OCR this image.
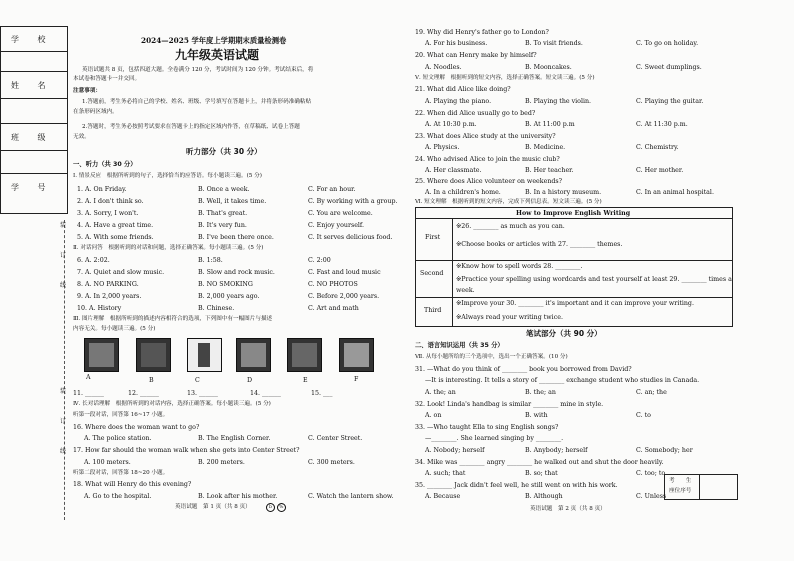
学 校
姓 名
班 级
学 号
装
订
线
装
订
线
2024—2025 学年度上学期期末质量检测卷
九年级英语试题
英语试题共 8 页，包括四道大题。全卷满分 120 分，考试时间为 120 分钟。考试结束后，将
本试卷和答题卡一并交回。
注意事项：
1.答题前，考生务必将自己的学校、姓名、班级、学号填写在答题卡上，并将条形码准确粘贴
在条形码区域内。
2.答题时，考生务必按照考试要求在答题卡上的指定区域内作答，在草稿纸、试卷上答题
无效。
听力部分（共 30 分）
一、听力（共 30 分）
Ⅰ. 情景反应　根据所听到的句子，选择恰当的应答语。每小题读三遍。(5 分)
1. A. On Friday.	B. Once a week.	C. For an hour.
2. A. I don't think so.	B. Well, it takes time.	C. By working with a group.
3. A. Sorry, I won't.	B. That's great.	C. You are welcome.
4. A. Have a great time.	B. It's very fun.	C. Enjoy yourself.
5. A. With some friends.	B. I've been there once.	C. It serves delicious food.
Ⅱ. 对话问答　根据听到的对话和问题，选择正确答案。每小题读三遍。(5 分)
6. A. 2:02.	B. 1:58.	C. 2:00
7. A. Quiet and slow music.	B. Slow and rock music.	C. Fast and loud music
8. A. NO PARKING.	B. NO SMOKING	C. NO PHOTOS
9. A. In 2,000 years.	B. 2,000 years ago.	C. Before 2,000 years.
10. A. History	B. Chinese.	C. Art and math
Ⅲ. 图片理解　根据所听到的描述内容相符合的选项，下列图中有一幅图片与描述
内容无关。每小题读三遍。(5 分)
A	B	C	D	E	F
11. ______	12. ______	13. ______	14. ______	15. ___
Ⅳ. 长对话理解　根据所听到的对话内容，选择正确答案。每小题读三遍。(5 分)
听第一段对话，回答第 16~17 小题。
16. Where does the woman want to go?
A. The police station.	B. The English Corner.	C. Center Street.
17. How far should the woman walk when she gets into Center Street?
A. 100 meters.	B. 200 meters.	C. 300 meters.
听第二段对话，回答第 18~20 小题。
18. What will Henry do this evening?
A. Go to the hospital.	B. Look after his mother.	C. Watch the lantern show.
英语试题　第 1 页（共 8 页）	b %
19. Why did Henry's father go to London?
A. For his business.	B. To visit friends.	C. To go on holiday.
20. What can Henry make by himself?
A. Noodles.	B. Mooncakes.	C. Sweet dumplings.
Ⅴ. 短文理解　根据听到的短文内容，选择正确答案。短文读三遍。(5 分)
21. What did Alice like doing?
A. Playing the piano.	B. Playing the violin.	C. Playing the guitar.
22. When did Alice usually go to bed?
A. At 10:30 p.m.	B. At 11:00 p.m	C. At 11:30 p.m.
23. What does Alice study at the university?
A. Physics.	B. Medicine.	C. Chemistry.
24. Who advised Alice to join the music club?
A. Her classmate.	B. Her teacher.	C. Her mother.
25. Where does Alice volunteer on weekends?
A. In a children's home.	B. In a history museum.	C. In an animal hospital.
Ⅵ. 短文理解　根据听到的短文内容，完成下列信息表。短文读三遍。(5 分)
How to Improve English Writing
First
※26. ________ as much as you can.
※Choose books or articles with 27. ________ themes.
Second
※Know how to spell words 28. ________.
※Practice your spelling using wordcards and test yourself at least 29. ________ times a
week.
Third
※Improve your 30. ________ it's important and it can improve your writing.
※Always read your writing twice.
笔试部分（共 90 分）
二、语言知识运用（共 35 分）
Ⅶ. 从每小题所给的三个选项中，选出一个正确答案。(10 分)
31. —What do you think of ________ book you borrowed from David?
—It is interesting. It tells a story of ________ exchange student who studies in Canada.
A. the; an	B. the; an	C. an; the
32. Look! Linda's handbag is similar ________ mine in style.
A. on	B. with	C. to
33. —Who taught Ella to sing English songs?
—________. She learned singing by ________.
A. Nobody; herself	B. Anybody; herself	C. Somebody; her
34. Mike was ________ angry ________ he walked out and shut the door heavily.
A. such; that	B. so; that	C. too; to
35. ________ Jack didn't feel well, he still went on with his work.
A. Because	B. Although	C. Unless
考　　生
座位序号
英语试题　第 2 页（共 8 页）
